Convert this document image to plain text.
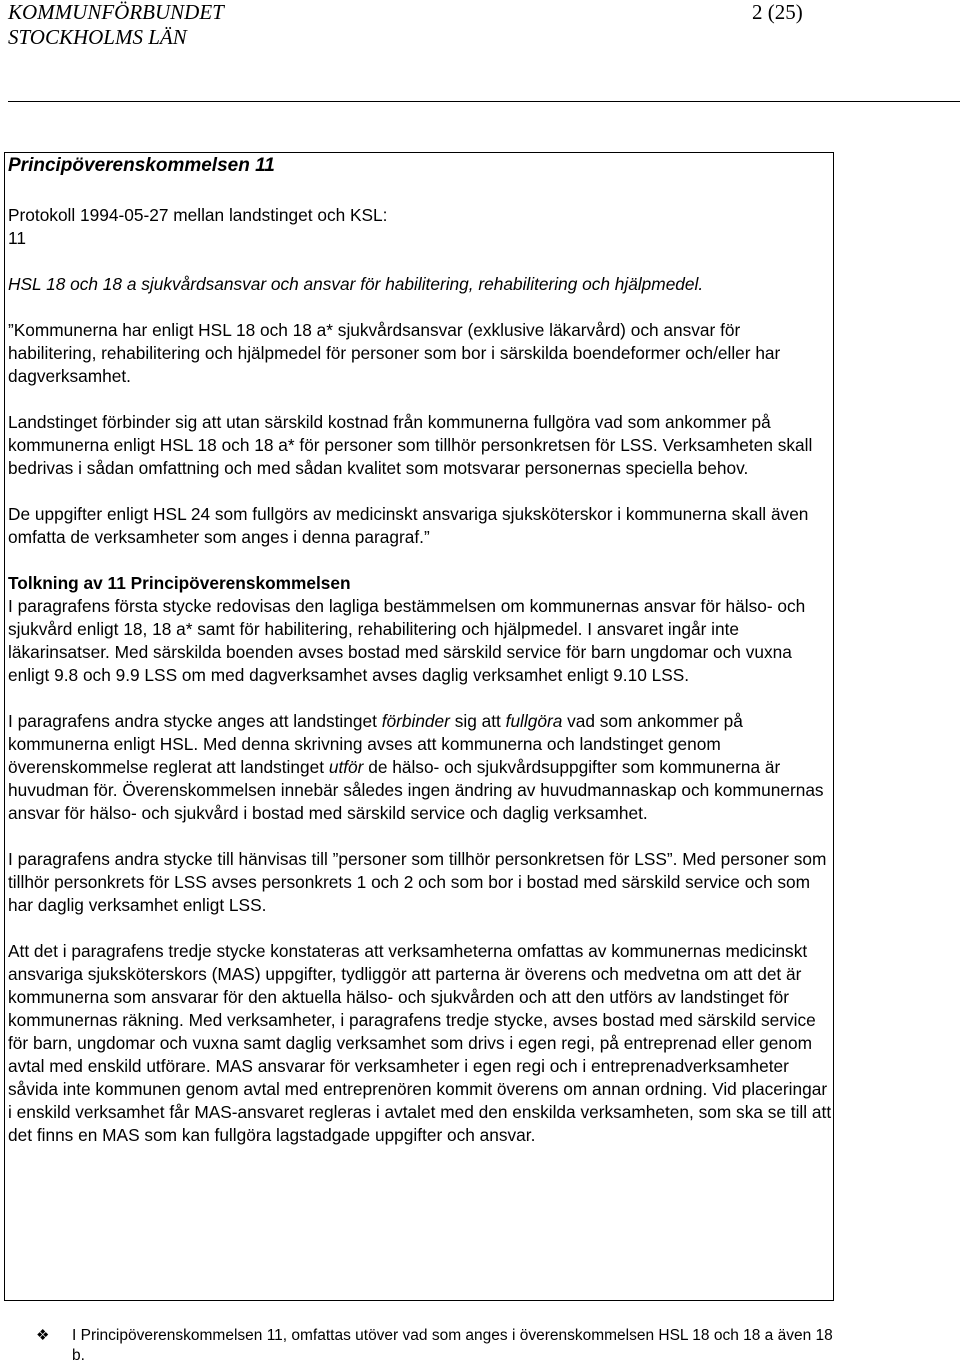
KOMMUNFÖRBUNDET
STOCKHOLMS LÄN
2 (25)

Principöverenskommelsen 11

Protokoll 1994-05-27 mellan landstinget och KSL:

11

HSL 18 och 18 a sjukvårdsansvar och ansvar för habilitering, rehabilitering och hjälpmedel.

”Kommunerna har enligt HSL 18 och 18 a* sjukvårdsansvar (exklusive läkarvård) och ansvar för habilitering, rehabilitering och hjälpmedel för personer som bor i särskilda boendeformer och/eller har dagverksamhet.

Landstinget förbinder sig att utan särskild kostnad från kommunerna fullgöra vad som ankommer på kommunerna enligt HSL 18 och 18 a* för personer som tillhör personkretsen för LSS. Verksamheten skall bedrivas i sådan omfattning och med sådan kvalitet som motsvarar personernas speciella behov.

De uppgifter enligt HSL 24 som fullgörs av medicinskt ansvariga sjuksköterskor i kommunerna skall även omfatta de verksamheter som anges i denna paragraf.”

Tolkning av 11 Principöverenskommelsen

I paragrafens första stycke redovisas den lagliga bestämmelsen om kommunernas ansvar för hälso- och sjukvård enligt 18, 18 a* samt för habilitering, rehabilitering och hjälpmedel. I ansvaret ingår inte läkarinsatser. Med särskilda boenden avses bostad med särskild service för barn ungdomar och vuxna enligt 9.8 och 9.9 LSS om med dagverksamhet avses daglig verksamhet enligt 9.10 LSS.

I paragrafens andra stycke anges att landstinget förbinder sig att fullgöra vad som ankommer på kommunerna enligt HSL. Med denna skrivning avses att kommunerna och landstinget genom överenskommelse reglerat att landstinget utför de hälso- och sjukvårdsuppgifter som kommunerna är huvudman för. Överenskommelsen innebär således ingen ändring av huvudmannaskap och kommunernas ansvar för hälso- och sjukvård i bostad med särskild service och daglig verksamhet.

I paragrafens andra stycke till hänvisas till ”personer som tillhör personkretsen för LSS”. Med personer som tillhör personkrets för LSS avses personkrets 1 och 2 och som bor i bostad med särskild service och som har daglig verksamhet enligt LSS.

Att det i paragrafens tredje stycke konstateras att verksamheterna omfattas av kommunernas medicinskt ansvariga sjuksköterskors (MAS) uppgifter, tydliggör att parterna är överens och medvetna om att det är kommunerna som ansvarar för den aktuella hälso- och sjukvården och att den utförs av landstinget för kommunernas räkning. Med verksamheter, i paragrafens tredje stycke, avses bostad med särskild service för barn, ungdomar och vuxna samt daglig verksamhet som drivs i egen regi, på entreprenad eller genom avtal med enskild utförare. MAS ansvarar för verksamheter i egen regi och i entreprenadverksamheter såvida inte kommunen genom avtal med entreprenören kommit överens om annan ordning. Vid placeringar i enskild verksamhet får MAS-ansvaret regleras i avtalet med den enskilda verksamheten, som ska se till att det finns en MAS som kan fullgöra lagstadgade uppgifter och ansvar.

❖ I Principöverenskommelsen 11, omfattas utöver vad som anges i överenskommelsen HSL 18 och 18 a även 18 b.
